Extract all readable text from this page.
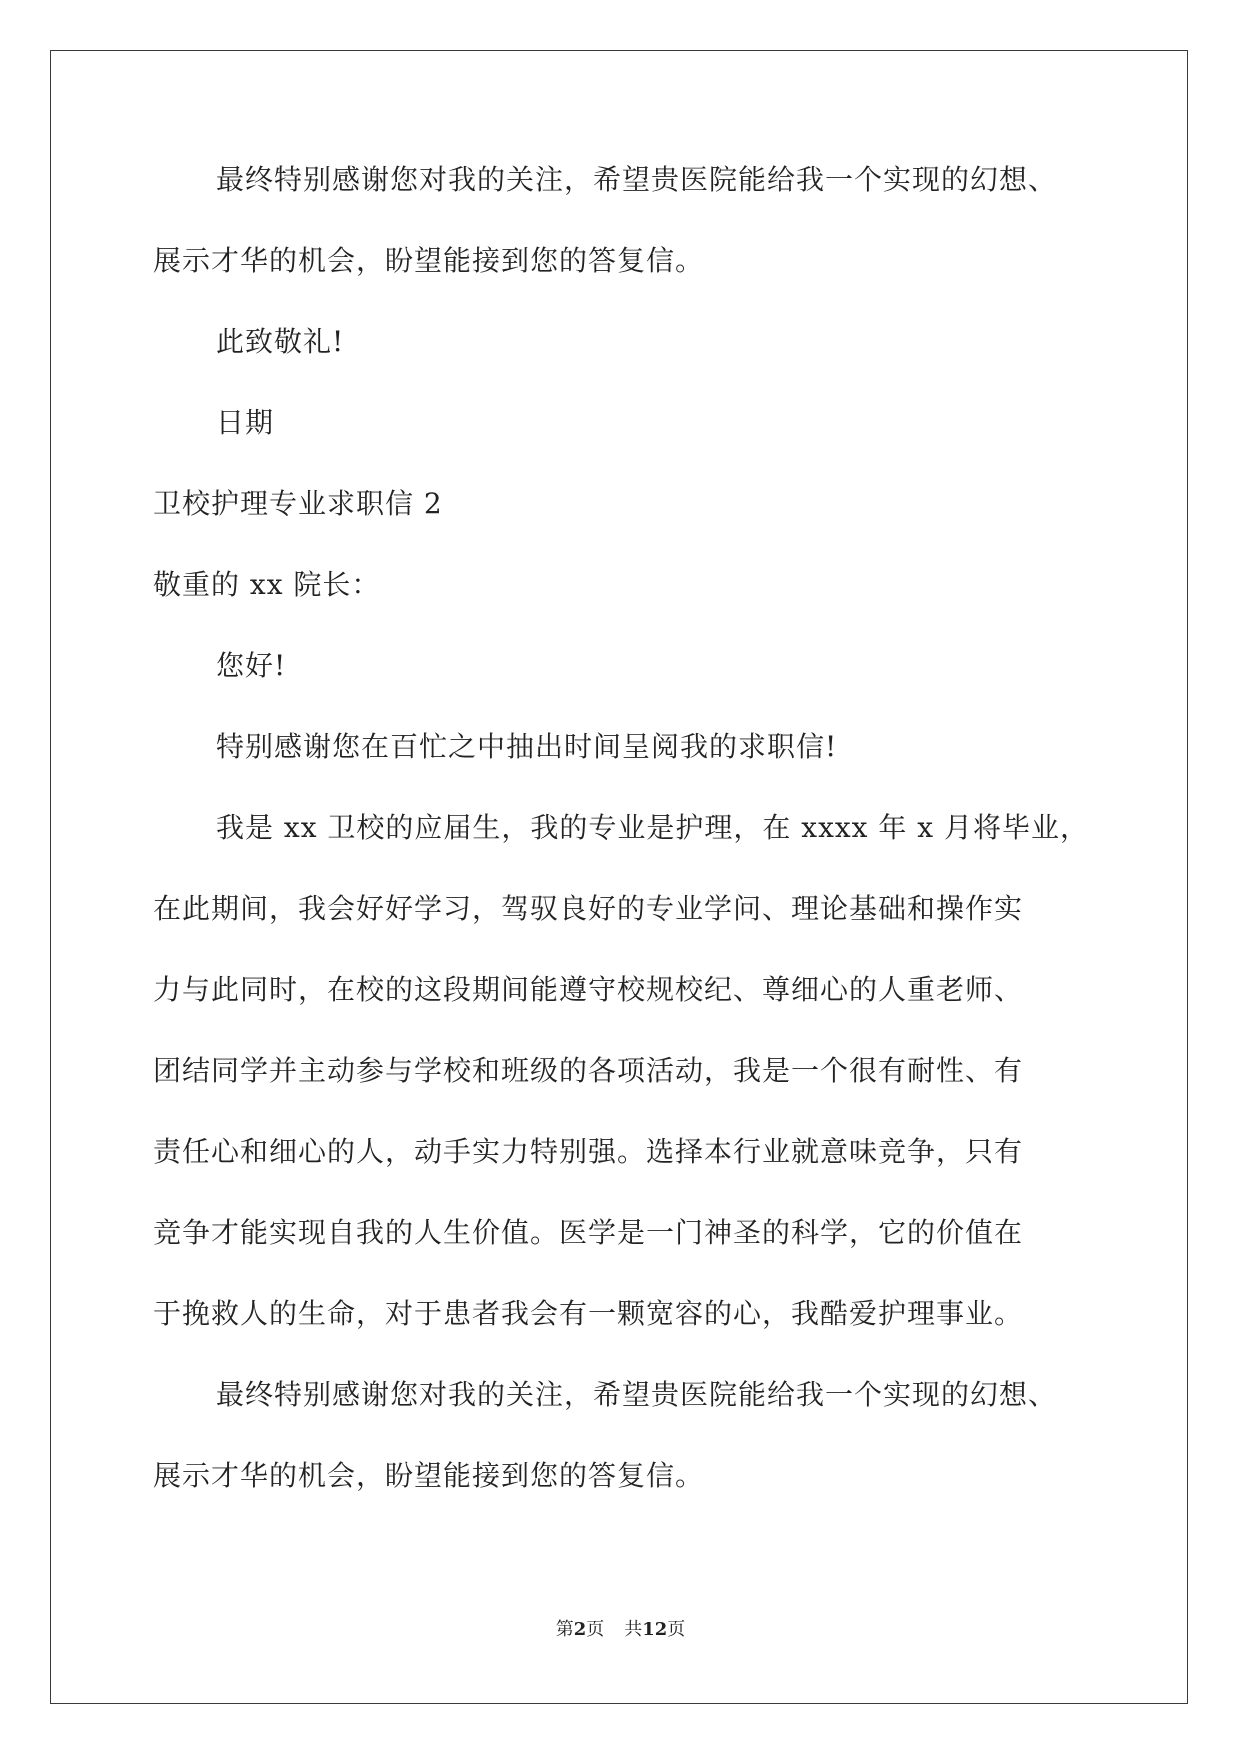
最终特别感谢您对我的关注，希望贵医院能给我一个实现的幻想、
展示才华的机会，盼望能接到您的答复信。
此致敬礼!
日期
卫校护理专业求职信 2
敬重的 xx 院长：
您好!
特别感谢您在百忙之中抽出时间呈阅我的求职信!
我是 xx 卫校的应届生，我的专业是护理，在 xxxx 年 x 月将毕业，
在此期间，我会好好学习，驾驭良好的专业学问、理论基础和操作实
力与此同时，在校的这段期间能遵守校规校纪、尊细心的人重老师、
团结同学并主动参与学校和班级的各项活动，我是一个很有耐性、有
责任心和细心的人，动手实力特别强。选择本行业就意味竞争，只有
竞争才能实现自我的人生价值。医学是一门神圣的科学，它的价值在
于挽救人的生命，对于患者我会有一颗宽容的心，我酷爱护理事业。
最终特别感谢您对我的关注，希望贵医院能给我一个实现的幻想、
展示才华的机会，盼望能接到您的答复信。
第2页 共12页
